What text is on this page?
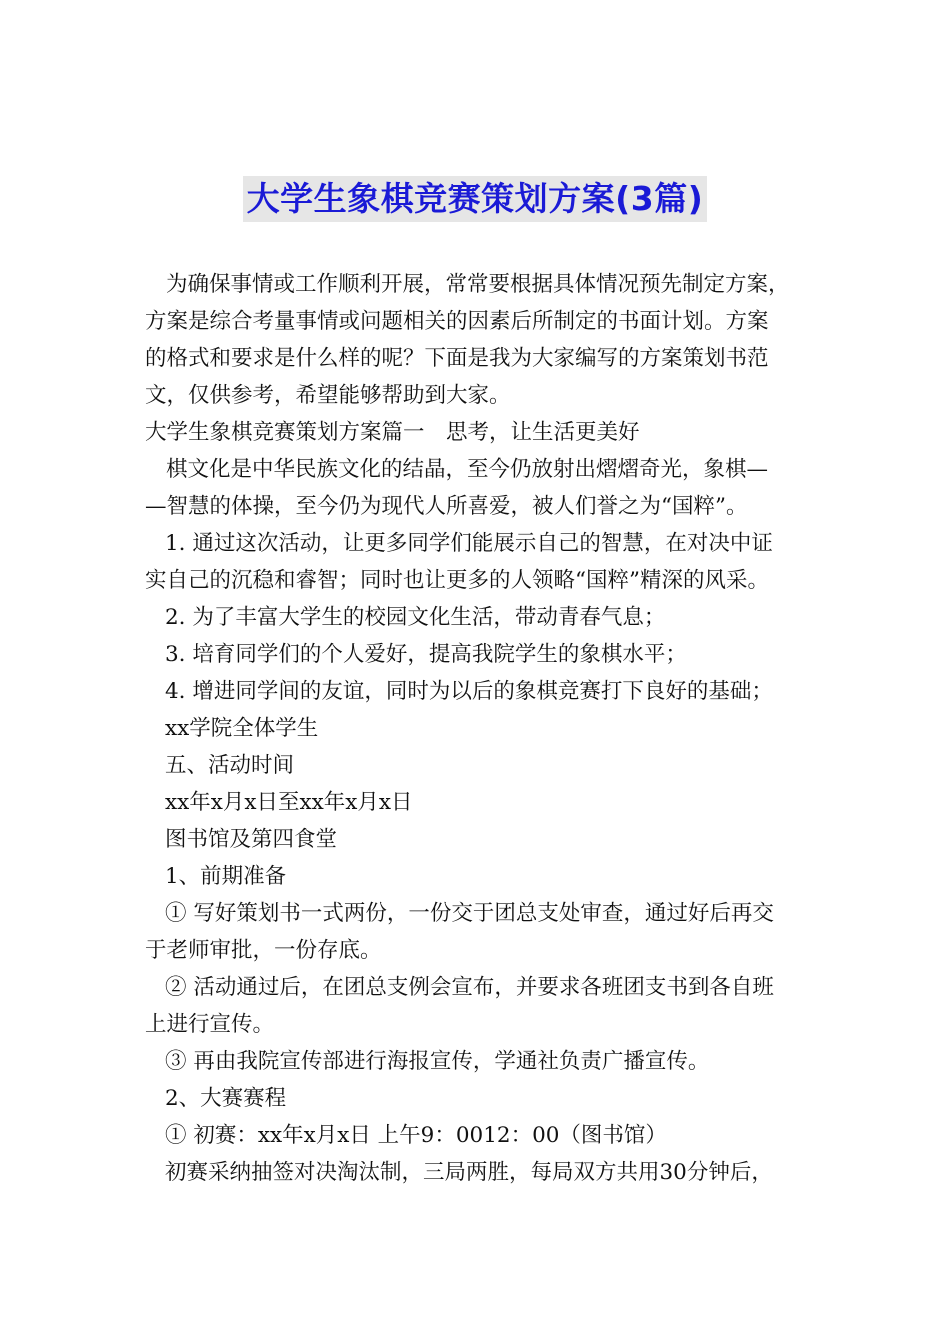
大学生象棋竞赛策划方案(3篇)

为确保事情或工作顺利开展，常常要根据具体情况预先制定方案，
方案是综合考量事情或问题相关的因素后所制定的书面计划。方案
的格式和要求是什么样的呢？下面是我为大家编写的方案策划书范
文，仅供参考，希望能够帮助到大家。

大学生象棋竞赛策划方案篇一　思考，让生活更美好

棋文化是中华民族文化的结晶，至今仍放射出熠熠奇光，象棋—
—智慧的体操，至今仍为现代人所喜爱，被人们誉之为“国粹”。

1. 通过这次活动，让更多同学们能展示自己的智慧，在对决中证
实自己的沉稳和睿智；同时也让更多的人领略“国粹”精深的风采。

2. 为了丰富大学生的校园文化生活，带动青春气息；

3. 培育同学们的个人爱好，提高我院学生的象棋水平；

4. 增进同学间的友谊，同时为以后的象棋竞赛打下良好的基础；

xx学院全体学生

五、活动时间

xx年x月x日至xx年x月x日

图书馆及第四食堂

1、前期准备

① 写好策划书一式两份，一份交于团总支处审查，通过好后再交
于老师审批，一份存底。

② 活动通过后，在团总支例会宣布，并要求各班团支书到各自班
上进行宣传。

③ 再由我院宣传部进行海报宣传，学通社负责广播宣传。

2、大赛赛程

① 初赛：xx年x月x日 上午9：0012：00（图书馆）

初赛采纳抽签对决淘汰制，三局两胜，每局双方共用30分钟后，
